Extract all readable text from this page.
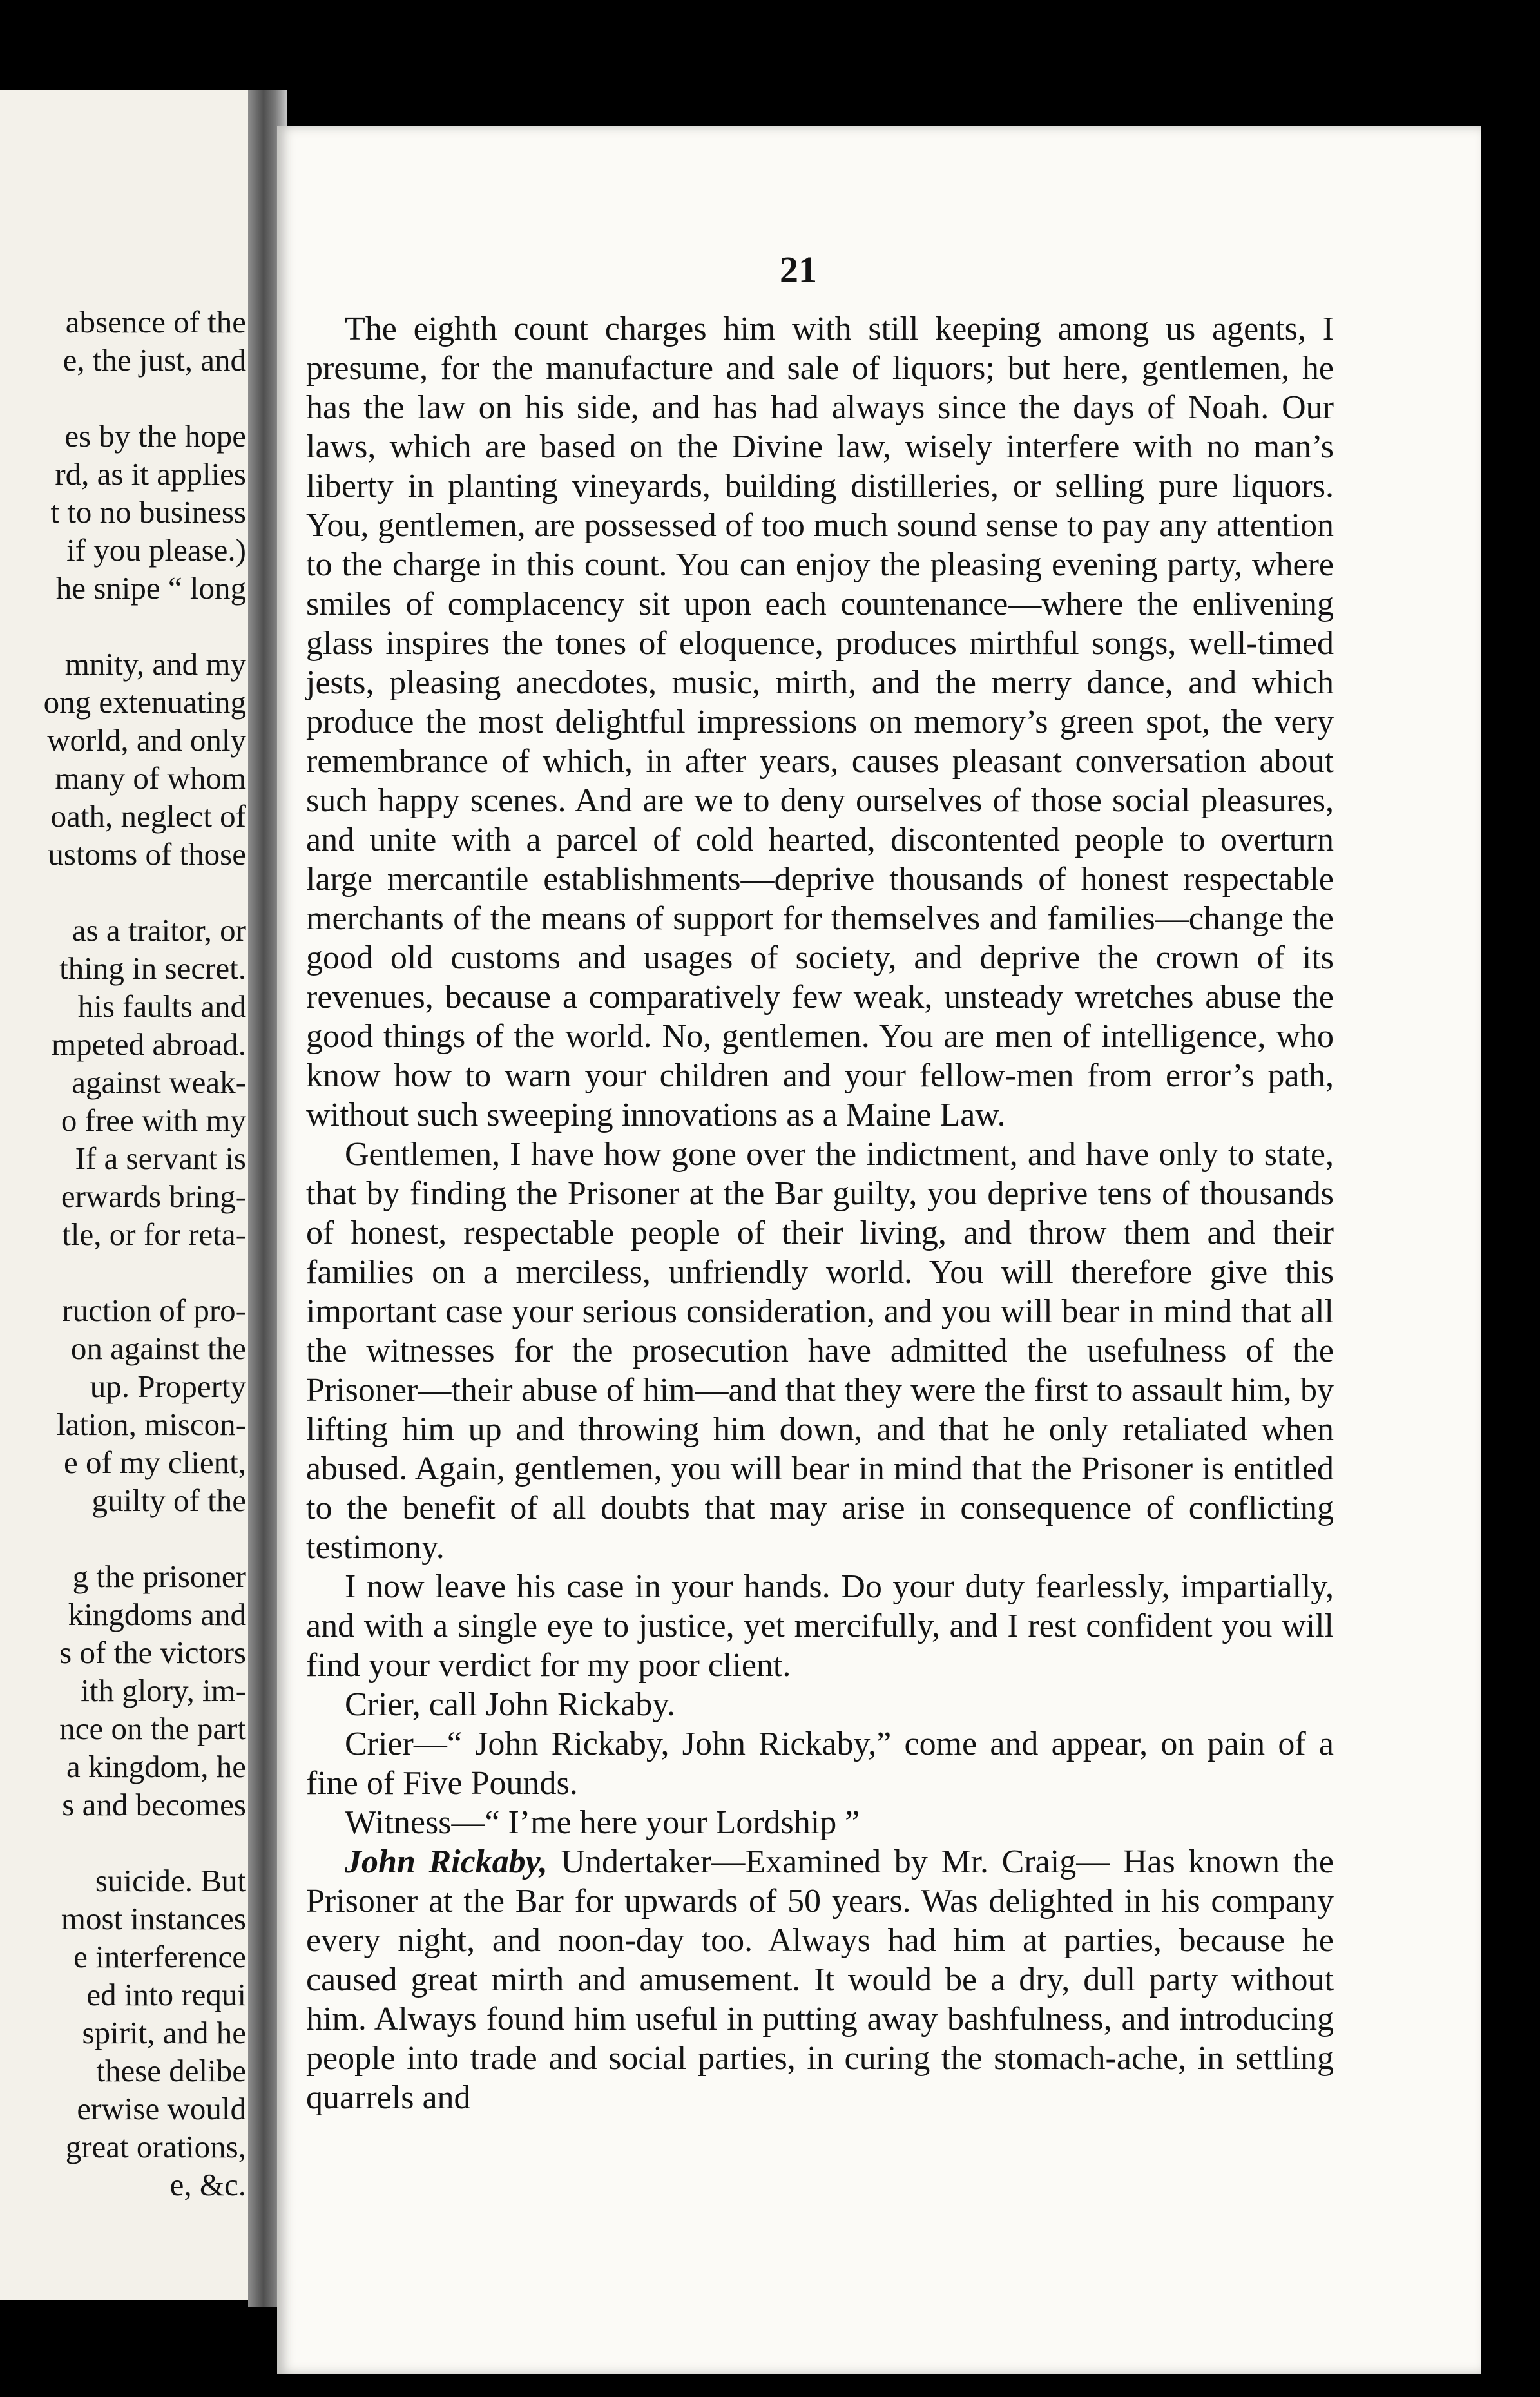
absence of the
e, the just, and
es by the hope
rd, as it applies
t to no business
if you please.)
he snipe “ long
mnity, and my
ong extenuating
world, and only
many of whom
oath, neglect of
ustoms of those
as a traitor, or
thing in secret.
his faults and
mpeted abroad.
against weak-
o free with my
If a servant is
erwards bring-
tle, or for reta-
ruction of pro-
on against the
up. Property
lation, miscon-
e of my client,
guilty of the
g the prisoner
kingdoms and
s of the victors
ith glory, im-
nce on the part
a kingdom, he
s and becomes
suicide. But
most instances
e interference
ed into requi
spirit, and he
these delibe
erwise would
great orations,
e, &c.
21

The eighth count charges him with still keeping among us agents, I presume, for the manufacture and sale of liquors; but here, gentlemen, he has the law on his side, and has had always since the days of Noah. Our laws, which are based on the Divine law, wisely interfere with no man’s liberty in planting vineyards, building distilleries, or selling pure liquors. You, gentlemen, are possessed of too much sound sense to pay any attention to the charge in this count. You can enjoy the pleasing evening party, where smiles of complacency sit upon each countenance—where the enlivening glass inspires the tones of eloquence, produces mirthful songs, well-timed jests, pleasing anecdotes, music, mirth, and the merry dance, and which produce the most delightful impressions on memory’s green spot, the very remembrance of which, in after years, causes pleasant conversation about such happy scenes. And are we to deny ourselves of those social pleasures, and unite with a parcel of cold hearted, discontented people to overturn large mercantile establishments—deprive thousands of honest respectable merchants of the means of support for themselves and families—change the good old customs and usages of society, and deprive the crown of its revenues, because a comparatively few weak, unsteady wretches abuse the good things of the world. No, gentlemen. You are men of intelligence, who know how to warn your children and your fellow-men from error’s path, without such sweeping innovations as a Maine Law.

Gentlemen, I have how gone over the indictment, and have only to state, that by finding the Prisoner at the Bar guilty, you deprive tens of thousands of honest, respectable people of their living, and throw them and their families on a merciless, unfriendly world. You will therefore give this important case your serious consideration, and you will bear in mind that all the witnesses for the prosecution have admitted the usefulness of the Prisoner—their abuse of him—and that they were the first to assault him, by lifting him up and throwing him down, and that he only retaliated when abused. Again, gentlemen, you will bear in mind that the Prisoner is entitled to the benefit of all doubts that may arise in consequence of conflicting testimony.

I now leave his case in your hands. Do your duty fearlessly, impartially, and with a single eye to justice, yet mercifully, and I rest confident you will find your verdict for my poor client.

Crier, call John Rickaby.

Crier—“ John Rickaby, John Rickaby,” come and appear, on pain of a fine of Five Pounds.

Witness—“ I’me here your Lordship ”

John Rickaby, Undertaker—Examined by Mr. Craig— Has known the Prisoner at the Bar for upwards of 50 years. Was delighted in his company every night, and noon-day too. Always had him at parties, because he caused great mirth and amusement. It would be a dry, dull party without him. Always found him useful in putting away bashfulness, and introducing people into trade and social parties, in curing the stomach-ache, in settling quarrels and
